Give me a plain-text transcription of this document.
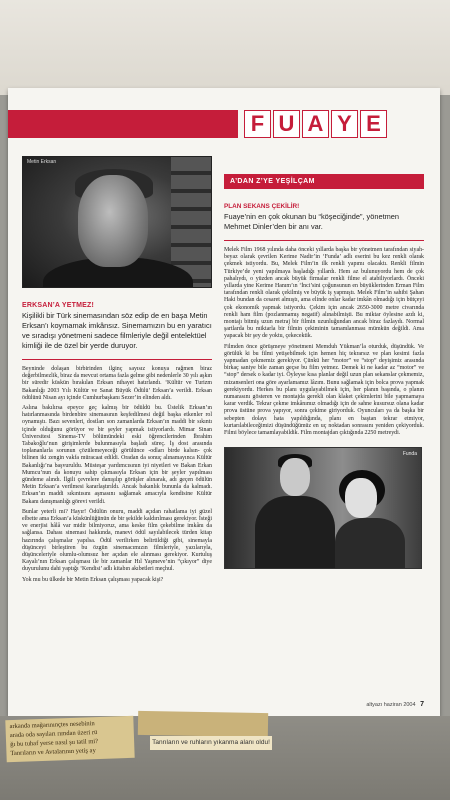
F U A Y E
Metin Erksan
ERKSAN’A YETMEZ!
Kişilikli bir Türk sinemasından söz edip de en başa Metin Erksan’ı koymamak imkânsız. Sinemamızın bu en yaratıcı ve sıradışı yönetmeni sadece filmleriyle değil entelektüel kimliği ile de özel bir yerde duruyor.

Beyninde dolaşan birbirinden ilginç sayısız konuya rağmen biraz değerbilmezlik, biraz da mevcut ortama fazla gelme gibi nedenlerle 30 yılı aşkın bir süredir küskün bırakılan Erksan nihayet hatırlandı. ‘Kültür ve Turizm Bakanlığı 2003 Yılı Kültür ve Sanat Büyük Ödülü’ Erksan’a verildi. Erksan ödülünü Nisan ayı içinde Cumhurbaşkanı Sezer’in elinden aldı.

Aslına bakılırsa epeyce geç kalmış bir ödüldü bu. Üstelik Erksan’ın hatırlanmasında birdenbire sinemasının keşfedilmesi değil başka etkenler rol oynamıştı. Bazı sevenleri, dostları son zamanlarda Erksan’ın maddi bir sıkıntı içinde olduğunu görüyor ve bir şeyler yapmak istiyorlardı. Mimar Sinan Üniversitesi Sinema-TV bölümündeki eski öğrencilerinden İbrahim Tabakoğlu’nun girişimlerde bulunmasıyla başladı süreç. İş dost arasında toplananlarla sorunun çözülemeyeceği görülünce -odları birde kalsın- çok bilinen iki zengin vakfa müracaat edildi. Oradan da sonuç alınamayınca Kültür Bakanlığı’na başvuruldu. Müsteşar yardımcısının iyi niyetleri ve Bakan Erkan Mumcu’nun da konuyu sahip çıkmasıyla Erksan için bir şeyler yapılması gündeme alındı. İlgili çevrelere danışılıp görüşler alınarak, adı geçen ödülün Metin Erksan’a verilmesi kararlaştırıldı. Ancak bakanlık bununla da kalmadı. Erksan’ın maddi sıkıntısını aşmasını sağlamak amacıyla kendisine Kültür Bakanı danışmanlığı görevi verildi.

Bunlar yeterli mi? Hayır! Ödülün onuru, maddi açıdan rahatlama iyi güzel elbette ama Erksan’a küskünlüğünün de bir şekilde kaldırılması gerekiyor. İsteği ve enerjisi hâlâ var midir bilmiyoruz, ama keske film çekebilme imkânı da sağlansa. Dahası sinemasi hakkında, manevi ödül sayılabilecek türden kitap hazırında çalışmalar yapılsa. Ödül verilirken belirtildiği gibi, sinemayla düşünceyi birleştiren bu özgün sinemacımızın filmleriyle, yazılarıyla, düşünceleriyle olumlu-olumsuz her açıdan ele alınması gerekiyor. Kurtuluş Kayalı’nın Erksan çalışması ile bir zamanlar Hıl Yaşmeve’nin “çıkıyor” diye duyurulunu dahi yaptığı ‘Kendisi’ adlı kitabın akıbetleri meçhul.

Yok mu bu ülkede bir Metin Erksan çalışması yapacak kişi?

A’DAN Z’YE YEŞİLÇAM
PLAN SEKANS ÇEKİLİR!
Fuaye’nin en çok okunan bu “köşeciğinde”, yönetmen Mehmet Dinler’den bir anı var.

Melek Film 1968 yılında daha önceki yıllarda başka bir yönetmen tarafından siyah-beyaz olarak çevrilen Kerime Nadir’in ‘Funda’ adlı eserini bu kez renkli olarak çekmek istiyordu. Bu, Melek Film’in ilk renkli yapımı olacaktı. Renkli filmin Türkiye’de yeni yapılmaya başladığı yıllardı. Hem az bulunuyordu hem de çok pahalıydı, o yüzden ancak büyük firmalar renkli filme el atabiliyorlardı. Önceki yıllarda yine Kerime Hanım’ın ‘İnci’sini çoğunsunun en büyüklerinden Erman Film tarafından renkli olarak çekilmiş ve büyük iş yapmıştı. Melek Film’in sahibi Şahan Haki bundan da cesaret almıştı, ama elinde onlar kadar imkân olmadığı için bütçeyi çok ekonomik yapmak istiyordu. Çekim için ancak 2650-3000 metre civarında renkli ham film (pozlanmamış negatif) alınabilmişti. Bu miktar öylesine azdı ki, montajı bitmiş uzun metraj bir filmin uzunluğundan ancak biraz fazlaydı. Normal şartlarda bu miktarla bir filmin çekiminin tamamlanması mümkün değildi. Ama yapacak bir şey de yoktu, çekecektik.

Filmden önce görüşmeye yönetmeni Memduh Yükman’la oturduk, düşündük. Ve görülük ki bu filmi yetişebilmek için hemen hiç tekrarsız ve plan kesimi fazla yapmadan çekmemiz gerekiyor. Çünkü her “motor” ve “stop” deyişimiz arasında birkaç saniye bile zaman geçse bu film yetmez. Demek ki ne kadar az “motor” ve “stop” dersek o kadar iyi. Öyleyse kısa planlar değil uzun plan sekanslar çekmemiz, mizansenleri ona göre ayarlamamız lâzım. Bunu sağlamak için bolca prova yapmak gerekiyordu. Herkes bu planı uygulayabilmek için, her planın başında, o planın numarasını gösteren ve montajda gerekli olan klaket çekimlerini bile yapmamaya karar verdik. Tekrar çekme imkânımız olmadığı için de sahne kusursuz olana kadar prova üstüne prova yapıyor, sonra çekime giriyorduk. Oyuncuları ya da başka bir sebepten dolayı hata yapıldığında, planı en baştan tekrar etmiyor, kurtarılabileceğimizi düşündüğümüz en uç noktadan sonrasını yeniden çekiyorduk. Filmi böylece tamamlayabildik. Film montajdan çıktığında 2250 metreydi.

Funda
altyazı haziran 2004 7
arkanda mağarınınçtes nesebinin
arada oda sayıları rımdan üzeri rü
ğı bu tuhaf yerse nasıl şu tatil mi?
Tanrıların ve Avtalarının yetiş ay
Tanrıların ve ruhların yıkanma alanı oldu!
